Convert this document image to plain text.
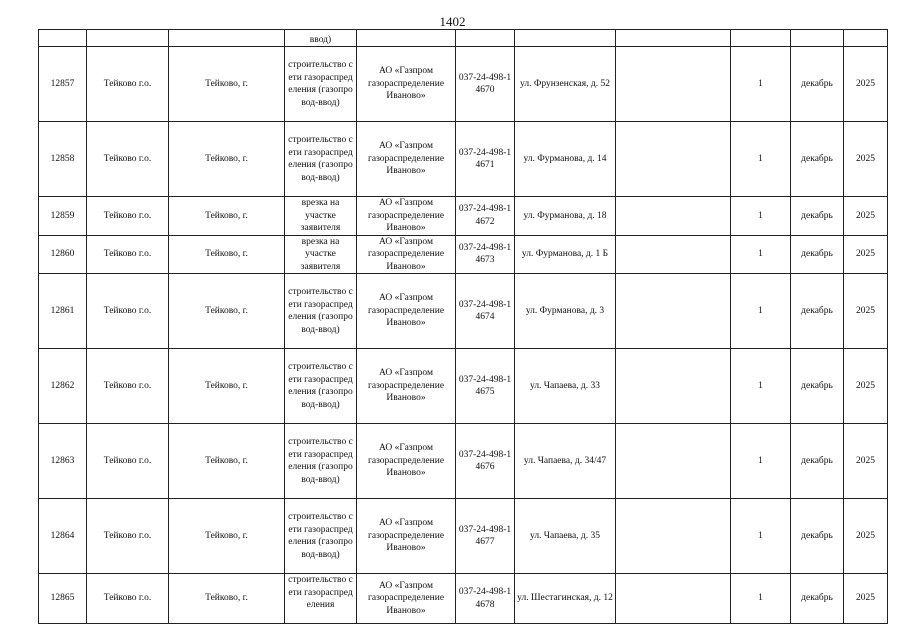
1402
			ввод)							
12857	Тейково г.о.	Тейково, г.	строительство сети газораспределения (газопровод-ввод)	АО «Газпром газораспределение Иваново»	037-24-498-14670	ул. Фрунзенская, д. 52		1	декабрь	2025
12858	Тейково г.о.	Тейково, г.	строительство сети газораспределения (газопровод-ввод)	АО «Газпром газораспределение Иваново»	037-24-498-14671	ул. Фурманова, д. 14		1	декабрь	2025
12859	Тейково г.о.	Тейково, г.	врезка на участке заявителя	АО «Газпром газораспределение Иваново»	037-24-498-14672	ул. Фурманова, д. 18		1	декабрь	2025
12860	Тейково г.о.	Тейково, г.	врезка на участке заявителя	АО «Газпром газораспределение Иваново»	037-24-498-14673	ул. Фурманова, д. 1 Б		1	декабрь	2025
12861	Тейково г.о.	Тейково, г.	строительство сети газораспределения (газопровод-ввод)	АО «Газпром газораспределение Иваново»	037-24-498-14674	ул. Фурманова, д. 3		1	декабрь	2025
12862	Тейково г.о.	Тейково, г.	строительство сети газораспределения (газопровод-ввод)	АО «Газпром газораспределение Иваново»	037-24-498-14675	ул. Чапаева, д. 33		1	декабрь	2025
12863	Тейково г.о.	Тейково, г.	строительство сети газораспределения (газопровод-ввод)	АО «Газпром газораспределение Иваново»	037-24-498-14676	ул. Чапаева, д. 34/47		1	декабрь	2025
12864	Тейково г.о.	Тейково, г.	строительство сети газораспределения (газопровод-ввод)	АО «Газпром газораспределение Иваново»	037-24-498-14677	ул. Чапаева, д. 35		1	декабрь	2025
12865	Тейково г.о.	Тейково, г.	строительство сети газораспределения	АО «Газпром газораспределение Иваново»	037-24-498-14678	ул. Шестагинская, д. 12		1	декабрь	2025
